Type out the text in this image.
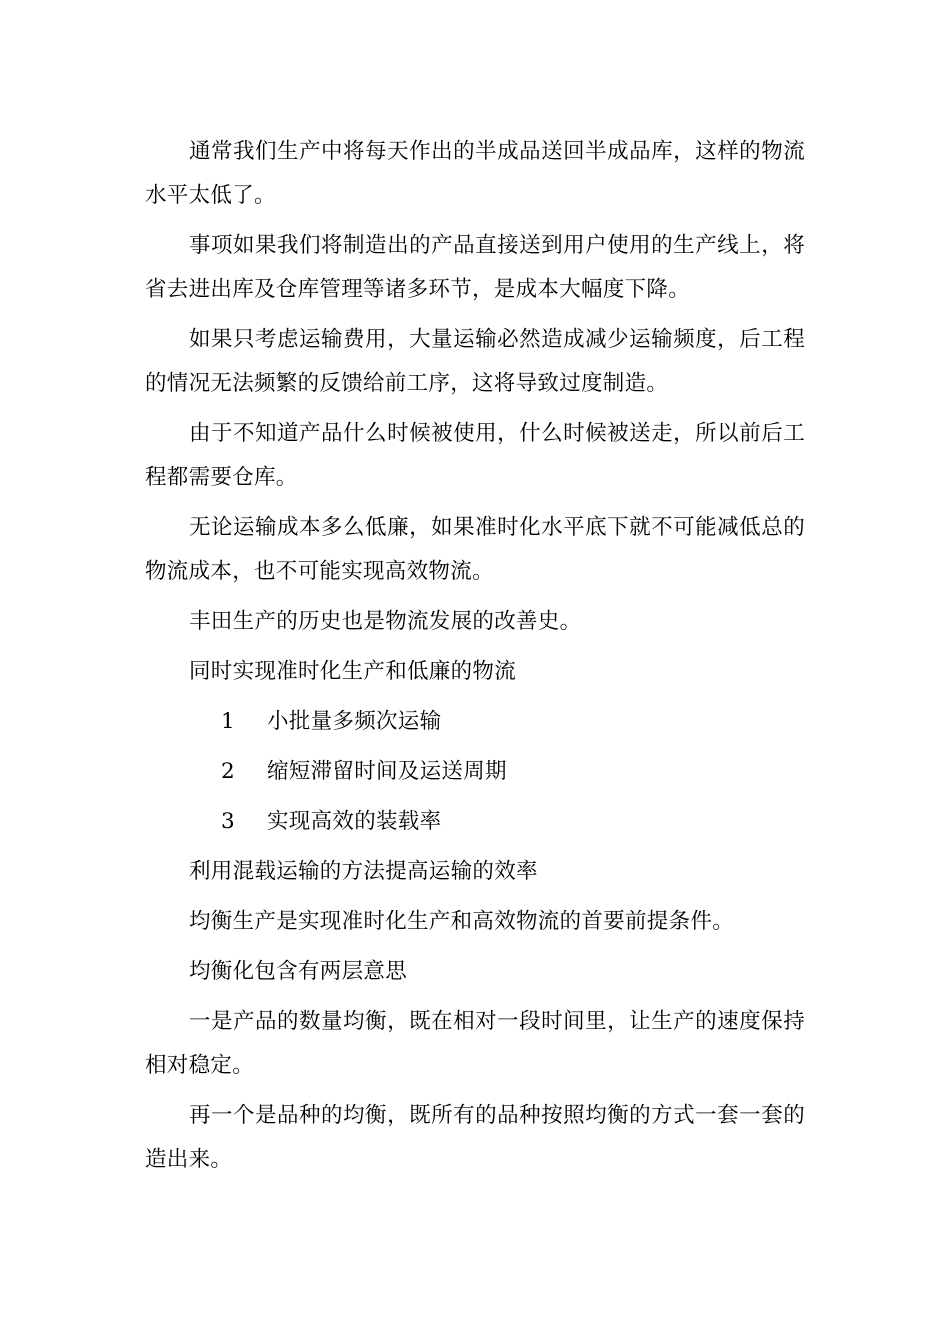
通常我们生产中将每天作出的半成品送回半成品库，这样的物流水平太低了。

事项如果我们将制造出的产品直接送到用户使用的生产线上，将省去进出库及仓库管理等诸多环节，是成本大幅度下降。

如果只考虑运输费用，大量运输必然造成减少运输频度，后工程的情况无法频繁的反馈给前工序，这将导致过度制造。

由于不知道产品什么时候被使用，什么时候被送走，所以前后工程都需要仓库。

无论运输成本多么低廉，如果准时化水平底下就不可能减低总的物流成本，也不可能实现高效物流。

丰田生产的历史也是物流发展的改善史。

同时实现准时化生产和低廉的物流

1	小批量多频次运输
2	缩短滞留时间及运送周期
3	实现高效的装载率

利用混载运输的方法提高运输的效率

均衡生产是实现准时化生产和高效物流的首要前提条件。

均衡化包含有两层意思

一是产品的数量均衡，既在相对一段时间里，让生产的速度保持相对稳定。

再一个是品种的均衡，既所有的品种按照均衡的方式一套一套的造出来。
